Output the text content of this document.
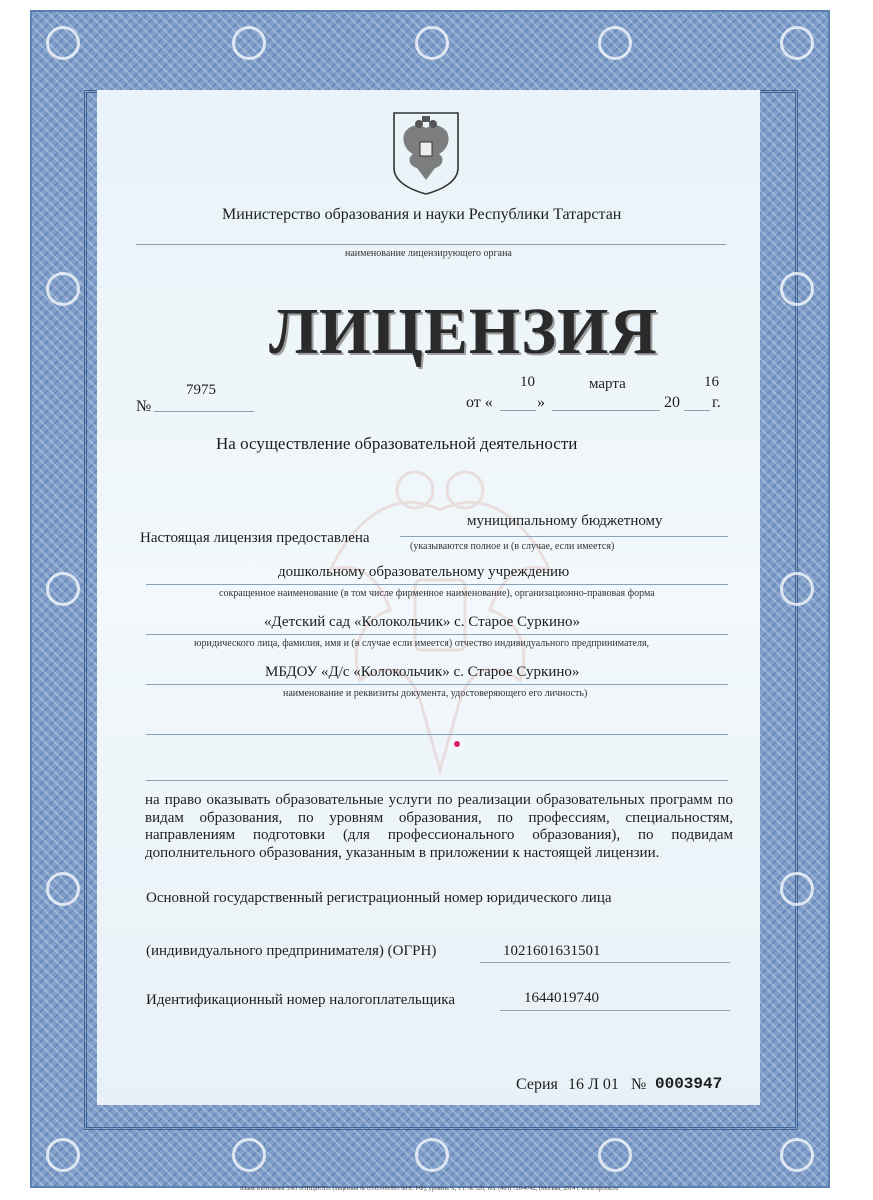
Министерство образования и науки Республики Татарстан
наименование лицензирующего органа
ЛИЦЕНЗИЯ
№
7975
от «
10
»
марта
20
16
г.
На осуществление образовательной деятельности
Настоящая лицензия предоставлена
муниципальному бюджетному
(указываются полное и (в случае, если имеется)
дошкольному образовательному учреждению
сокращенное наименование (в том числе фирменное наименование), организационно-правовая форма
«Детский сад «Колокольчик» с. Старое Суркино»
юридического лица, фамилия, имя и (в случае если имеется) отчество индивидуального предпринимателя,
МБДОУ «Д/с «Колокольчик» с. Старое Суркино»
наименование и реквизиты документа, удостоверяющего его личность)
на право оказывать образовательные услуги по реализации образовательных программ по видам образования, по уровням образования, по профессиям, специальностям, направлениям подготовки (для профессионального образования), по подвидам дополнительного образования, указанным в приложении к настоящей лицензии.
Основной государственный регистрационный номер юридического лица
(индивидуального предпринимателя) (ОГРН)	1021601631501
Идентификационный номер налогоплательщика	1644019740
Серия 16 Л 01 № 0003947
Бланк изготовлен ЗАО «ОПЦИОН» (лицензия № 05-05-09/003 ФНС РФ), уровень А, т. г. № 520, тел. (495) 726-4742, (Москва, 2014 г. www.opcion.ru
